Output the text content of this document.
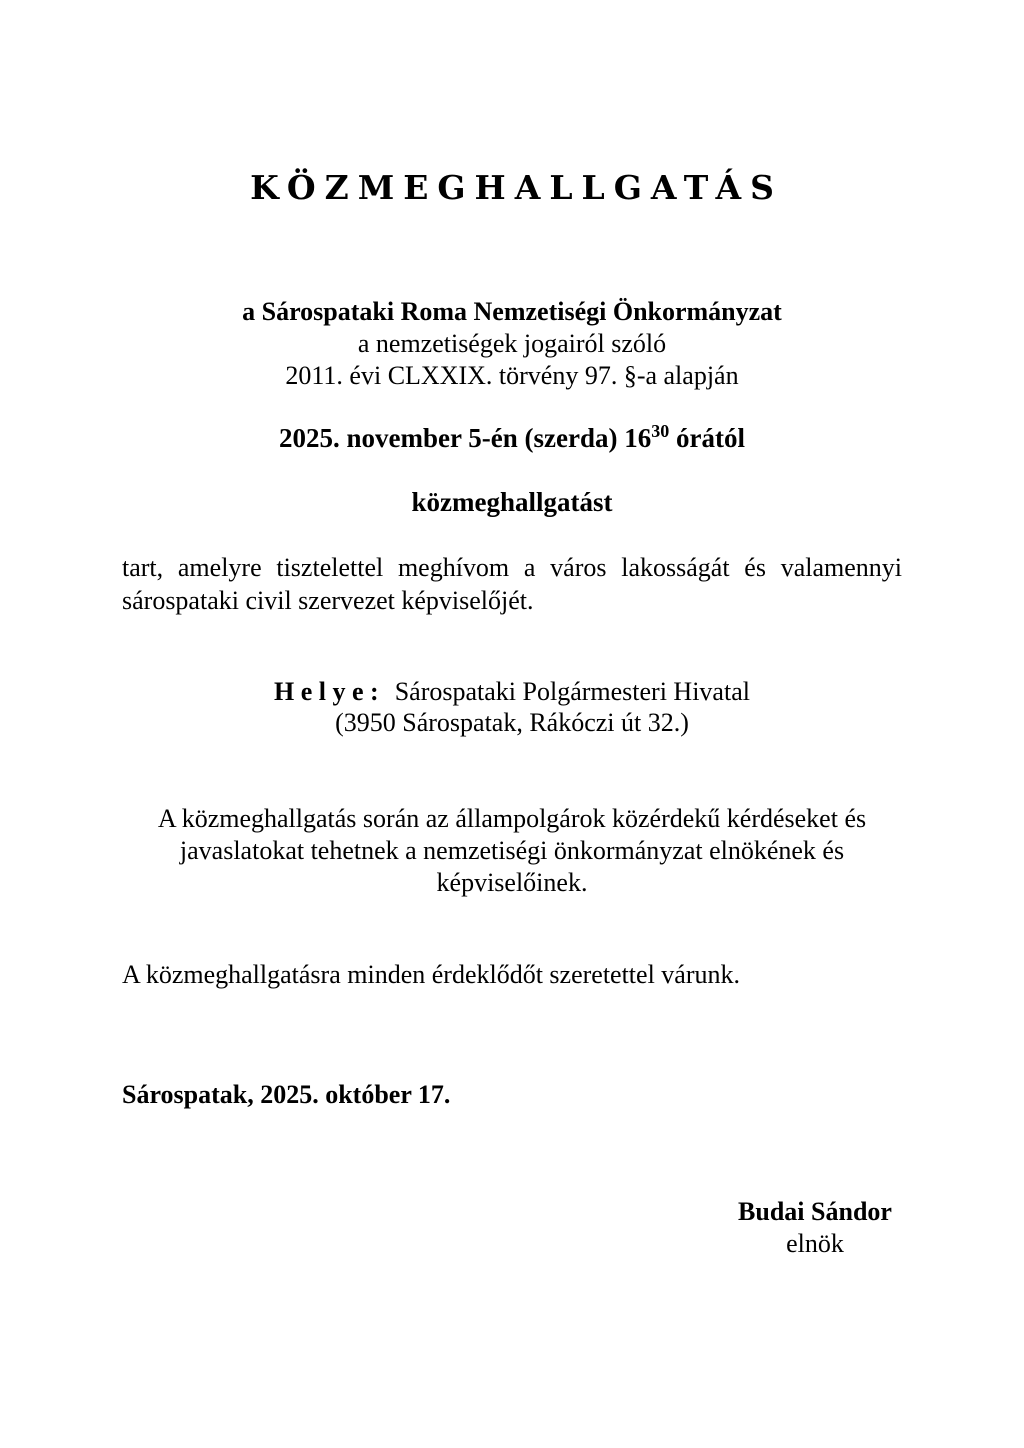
KÖZMEGHALLGATÁS
a Sárospataki Roma Nemzetiségi Önkormányzat
a nemzetiségek jogairól szóló
2011. évi CLXXIX. törvény 97. §-a alapján
2025. november 5-én (szerda) $16^{30}$ órától
közmeghallgatást
tart, amelyre tisztelettel meghívom a város lakosságát és valamennyi
sárospataki civil szervezet képviselőjét.
H e l y e : Sárospataki Polgármesteri Hivatal
(3950 Sárospatak, Rákóczi út 32.)
A közmeghallgatás során az állampolgárok közérdekű kérdéseket és
javaslatokat tehetnek a nemzetiségi önkormányzat elnökének és
képviselőinek.
A közmeghallgatásra minden érdeklődőt szeretettel várunk.
Sárospatak, 2025. október 17.
Budai Sándor
elnök
